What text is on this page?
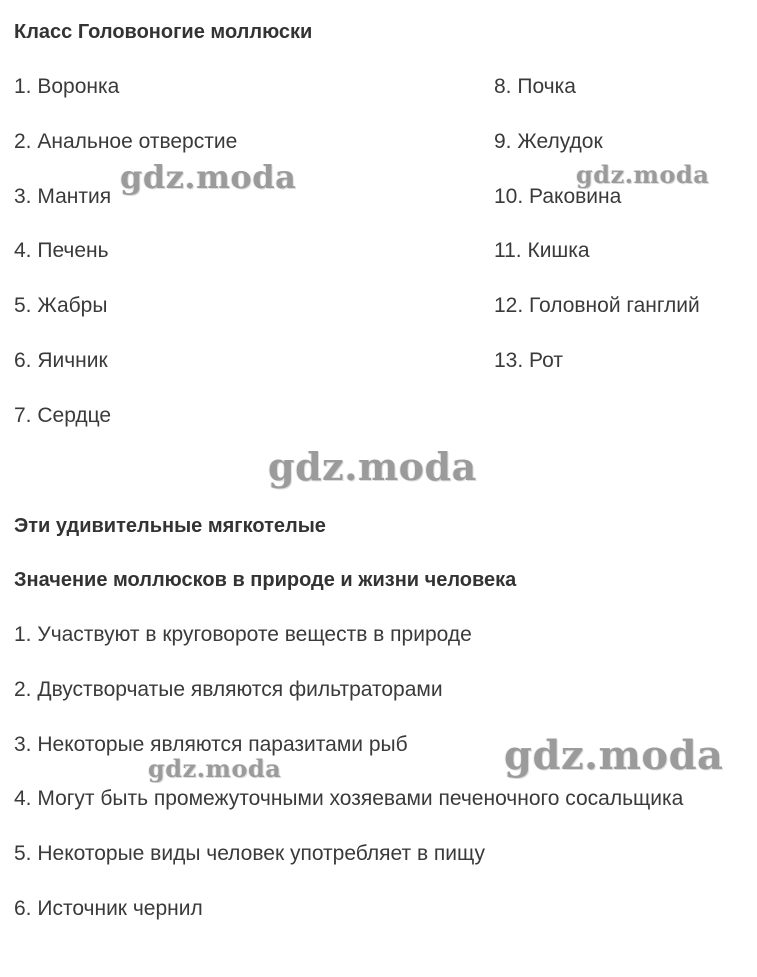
Класс Головоногие моллюски
1. Воронка
2. Анальное отверстие
3. Мантия
4. Печень
5. Жабры
6. Яичник
7. Сердце
8. Почка
9. Желудок
10. Раковина
11. Кишка
12. Головной ганглий
13. Рот
Эти удивительные мягкотелые
Значение моллюсков в природе и жизни человека
1. Участвуют в круговороте веществ в природе
2. Двустворчатые являются фильтраторами
3. Некоторые являются паразитами рыб
4. Могут быть промежуточными хозяевами печеночного сосальщика
5. Некоторые виды человек употребляет в пищу
6. Источник чернил
gdz.moda	gdz.moda
gdz.moda
gdz.moda
gdz.moda
